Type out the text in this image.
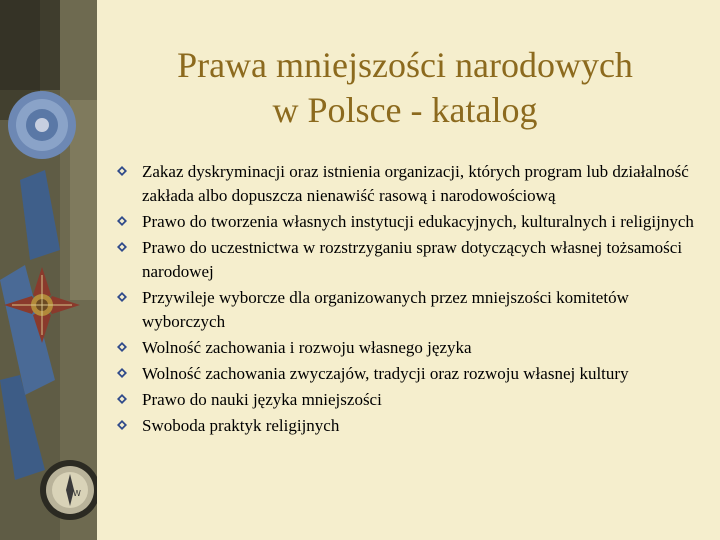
W
Prawa mniejszości narodowych
w Polsce - katalog
Zakaz dyskryminacji oraz istnienia organizacji, których program lub działalność zakłada albo dopuszcza nienawiść rasową i narodowościową
Prawo do tworzenia własnych instytucji edukacyjnych, kulturalnych i religijnych
Prawo do uczestnictwa w rozstrzyganiu spraw dotyczących własnej tożsamości narodowej
Przywileje wyborcze dla organizowanych przez mniejszości komitetów wyborczych
Wolność zachowania i rozwoju własnego języka
Wolność zachowania zwyczajów, tradycji oraz rozwoju własnej kultury
Prawo do nauki języka mniejszości
Swoboda praktyk religijnych
